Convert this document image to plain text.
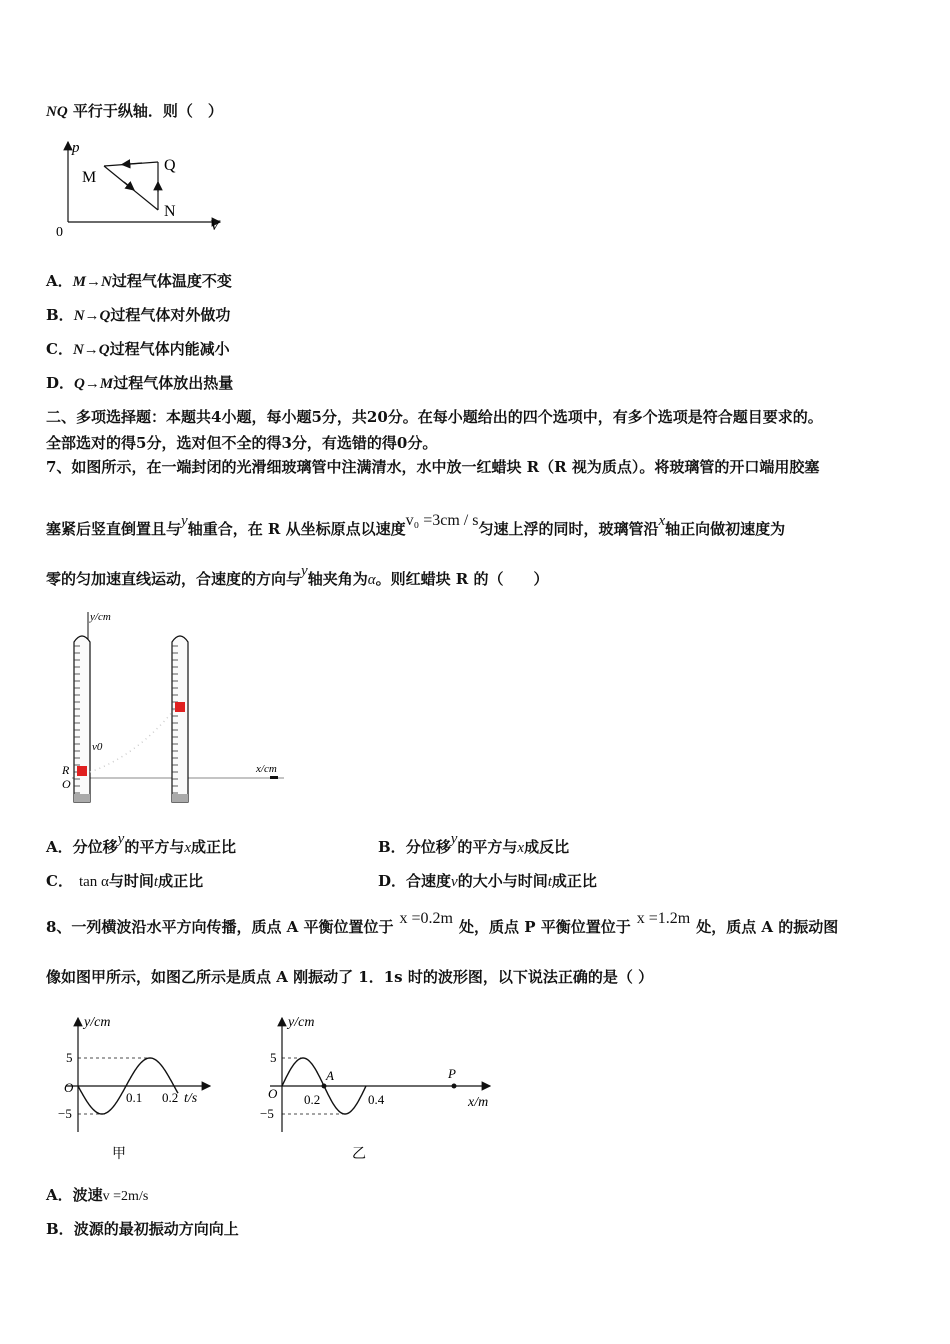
NQ 平行于纵轴．则（　）
p
V
0
M
N
Q
A．M→N过程气体温度不变
B．N→Q过程气体对外做功
C．N→Q过程气体内能减小
D．Q→M过程气体放出热量
二、多项选择题：本题共4小题，每小题5分，共20分。在每小题给出的四个选项中，有多个选项是符合题目要求的。
全部选对的得5分，选对但不全的得3分，有选错的得0分。
7、如图所示，在一端封闭的光滑细玻璃管中注满清水，水中放一红蜡块 R（R 视为质点）。将玻璃管的开口端用胶塞
塞紧后竖直倒置且与y轴重合，在 R 从坐标原点以速度v₀ =3cm / s匀速上浮的同时，玻璃管沿x轴正向做初速度为
零的匀加速直线运动，合速度的方向与y轴夹角为α。则红蜡块 R 的（　　）
y/cm
x/cm
v0
R
O
A．分位移y的平方与x成正比	B．分位移y的平方与x成反比
C． tan α与时间t成正比	D．合速度v的大小与时间t成正比
8、一列横波沿水平方向传播，质点 A 平衡位置位于 x =0.2m 处，质点 P 平衡位置位于 x =1.2m 处，质点 A 的振动图
像如图甲所示，如图乙所示是质点 A 刚振动了 1．1s 时的波形图，以下说法正确的是（ ）
y/cm
t/s
5
−5
O
0.1 0.2
甲
y/cm
x/m
5
−5
O 0.2	0.4
A	P
乙
A．波速v =2m/s
B．波源的最初振动方向向上
